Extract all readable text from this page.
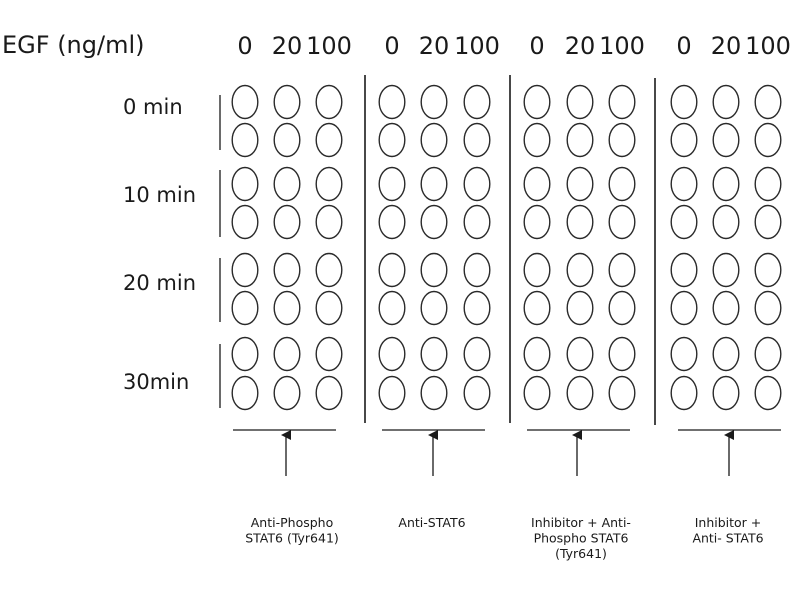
EGF (ng/ml)	0 20 100 0 20 100 0 20 100 0 20 100
0 min
10 min
20 min
30min
Anti-Phospho STAT6 (Tyr641)
Anti-STAT6	Inhibitor + Anti-Phospho STAT6 (Tyr641)
Inhibitor + Anti- STAT6
